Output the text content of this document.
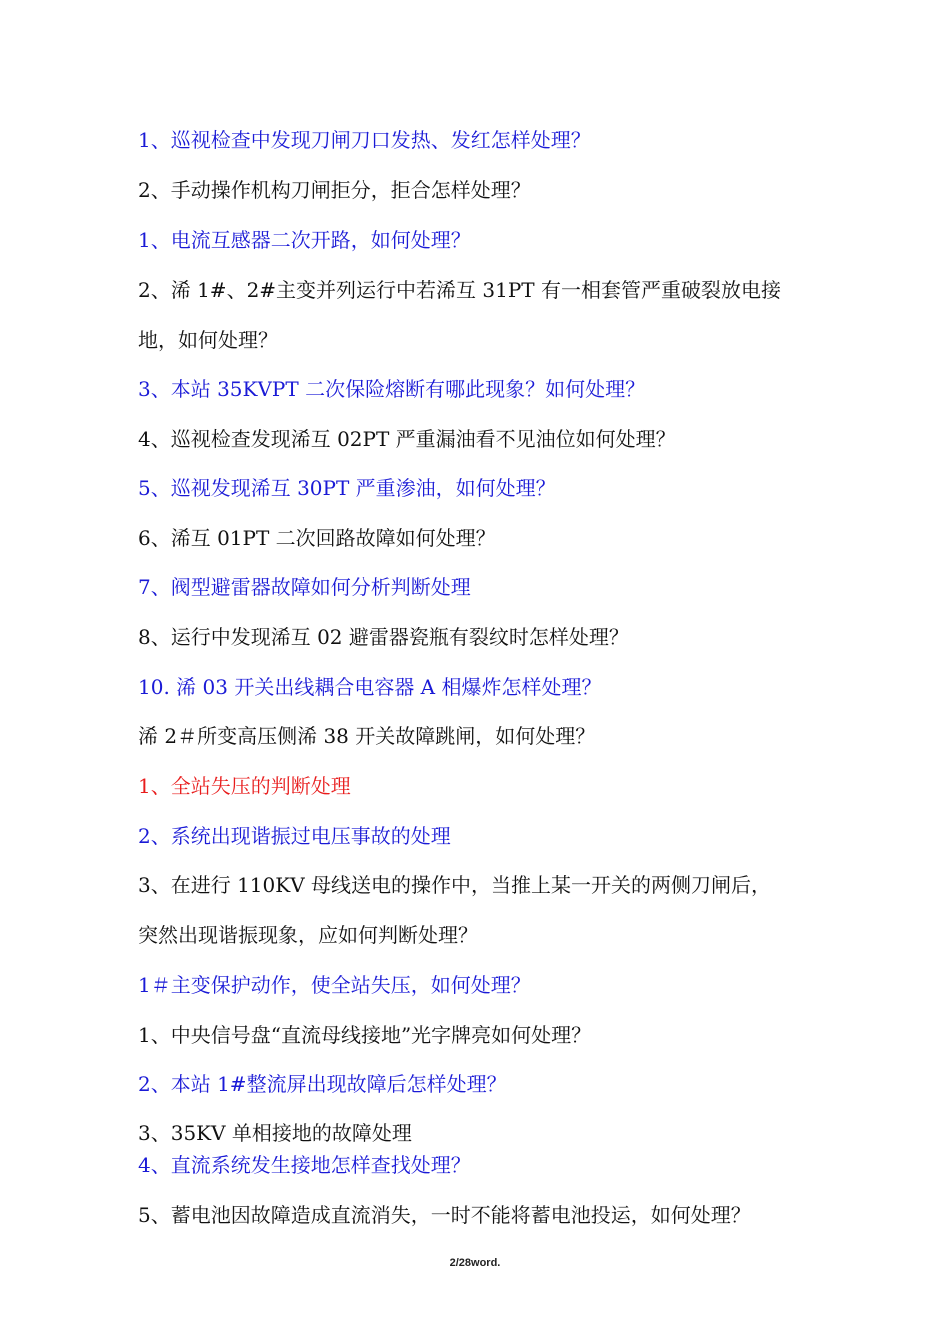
1、巡视检查中发现刀闸刀口发热、发红怎样处理？
2、手动操作机构刀闸拒分，拒合怎样处理？
1、电流互感器二次开路，如何处理？
2、浠 1#、2#主变并列运行中若浠互 31PT 有一相套管严重破裂放电接
地，如何处理？
3、本站 35KVPT 二次保险熔断有哪此现象？如何处理？
4、巡视检查发现浠互 02PT 严重漏油看不见油位如何处理？
5、巡视发现浠互 30PT 严重渗油，如何处理？
6、浠互 01PT 二次回路故障如何处理？
7、阀型避雷器故障如何分析判断处理
8、运行中发现浠互 02 避雷器瓷瓶有裂纹时怎样处理？
10. 浠 03 开关出线耦合电容器 A 相爆炸怎样处理？
浠 2＃所变高压侧浠 38 开关故障跳闸，如何处理？
1、全站失压的判断处理
2、系统出现谐振过电压事故的处理
3、在进行 110KV 母线送电的操作中，当推上某一开关的两侧刀闸后，
突然出现谐振现象，应如何判断处理？
1＃主变保护动作，使全站失压，如何处理？
1、中央信号盘“直流母线接地”光字牌亮如何处理？
2、本站 1#整流屏出现故障后怎样处理？
3、35KV 单相接地的故障处理
4、直流系统发生接地怎样查找处理？
5、蓄电池因故障造成直流消失，一时不能将蓄电池投运，如何处理？
2/28word.
